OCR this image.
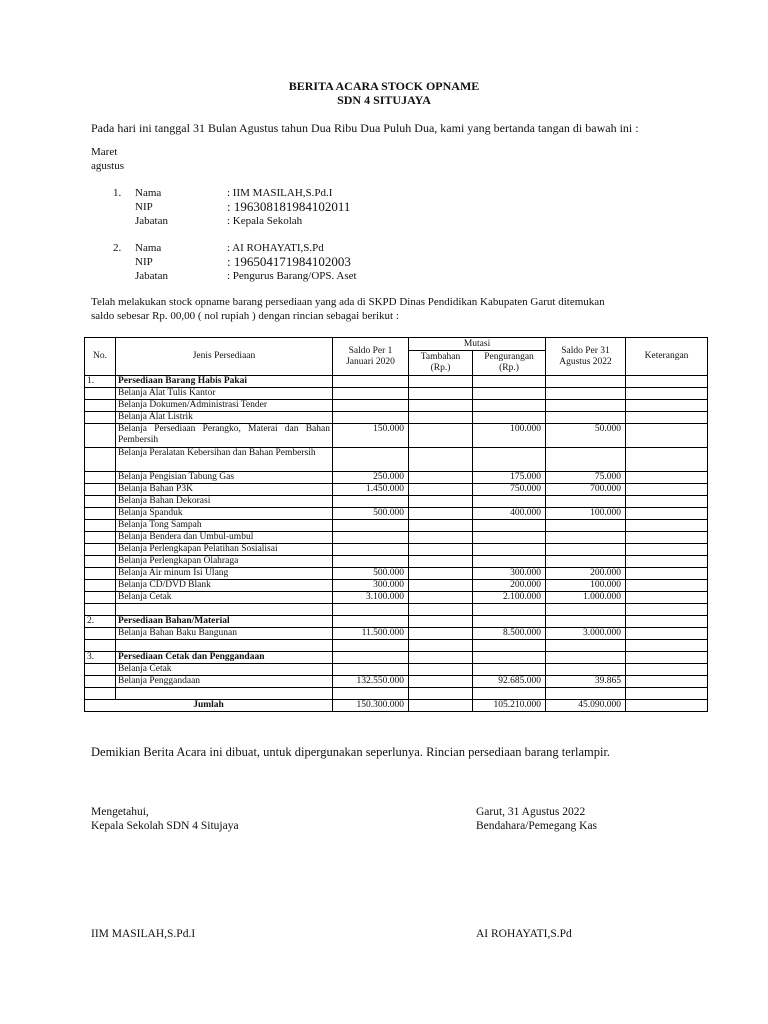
BERITA ACARA STOCK OPNAME
SDN 4 SITUJAYA
Pada hari ini tanggal 31 Bulan Agustus tahun Dua Ribu Dua Puluh Dua, kami yang bertanda tangan di bawah ini :
Maret
agustus
1. Nama	: IIM MASILAH,S.Pd.I
NIP	: 196308181984102011
Jabatan	: Kepala Sekolah
2. Nama	: AI ROHAYATI,S.Pd
NIP	: 196504171984102003
Jabatan	: Pengurus Barang/OPS. Aset
Telah melakukan stock opname barang persediaan yang ada di SKPD Dinas Pendidikan Kabupaten Garut ditemukan
saldo sebesar Rp. 00,00 ( nol rupiah ) dengan rincian sebagai berikut :
No.	Jenis Persediaan	Saldo Per 1 Januari 2020	Mutasi		Saldo Per 31 Agustus 2022	Keterangan
			Tambahan (Rp.)	Pengurangan (Rp.)		
1.	Persediaan Barang Habis Pakai					
	Belanja Alat Tulis Kantor					
	Belanja Dokumen/Administrasi Tender					
	Belanja Alat Listrik					
	Belanja Persediaan Perangko, Materai dan Bahan Pembersih	150.000		100.000	50.000	
	Belanja Peralatan Kebersihan dan Bahan Pembersih					
	Belanja Pengisian Tabung Gas	250.000		175.000	75.000	
	Belanja Bahan P3K	1.450.000		750.000	700.000	
	Belanja Bahan Dekorasi					
	Belanja Spanduk	500.000		400.000	100.000	
	Belanja Tong Sampah					
	Belanja Bendera dan Umbul-umbul					
	Belanja Perlengkapan Pelatihan Sosialisai					
	Belanja Perlengkapan Olahraga					
	Belanja Air minum Isi Ulang	500.000		300.000	200.000	
	Belanja CD/DVD Blank	300.000		200.000	100.000	
	Belanja Cetak	3.100.000		2.100.000	1.000.000	

2.	Persediaan Bahan/Material					
	Belanja Bahan Baku Bangunan	11.500.000		8.500.000	3.000.000	

3.	Persediaan Cetak dan Penggandaan					
	Belanja Cetak					
	Belanja Penggandaan	132.550.000		92.685.000	39.865	

Jumlah		150.300.000		105.210.000	45.090.000	
Demikian Berita Acara ini dibuat, untuk dipergunakan seperlunya. Rincian persediaan barang terlampir.
Mengetahui,
Kepala Sekolah SDN 4 Situjaya
IIM MASILAH,S.Pd.I
Garut, 31 Agustus 2022
Bendahara/Pemegang Kas
AI ROHAYATI,S.Pd
